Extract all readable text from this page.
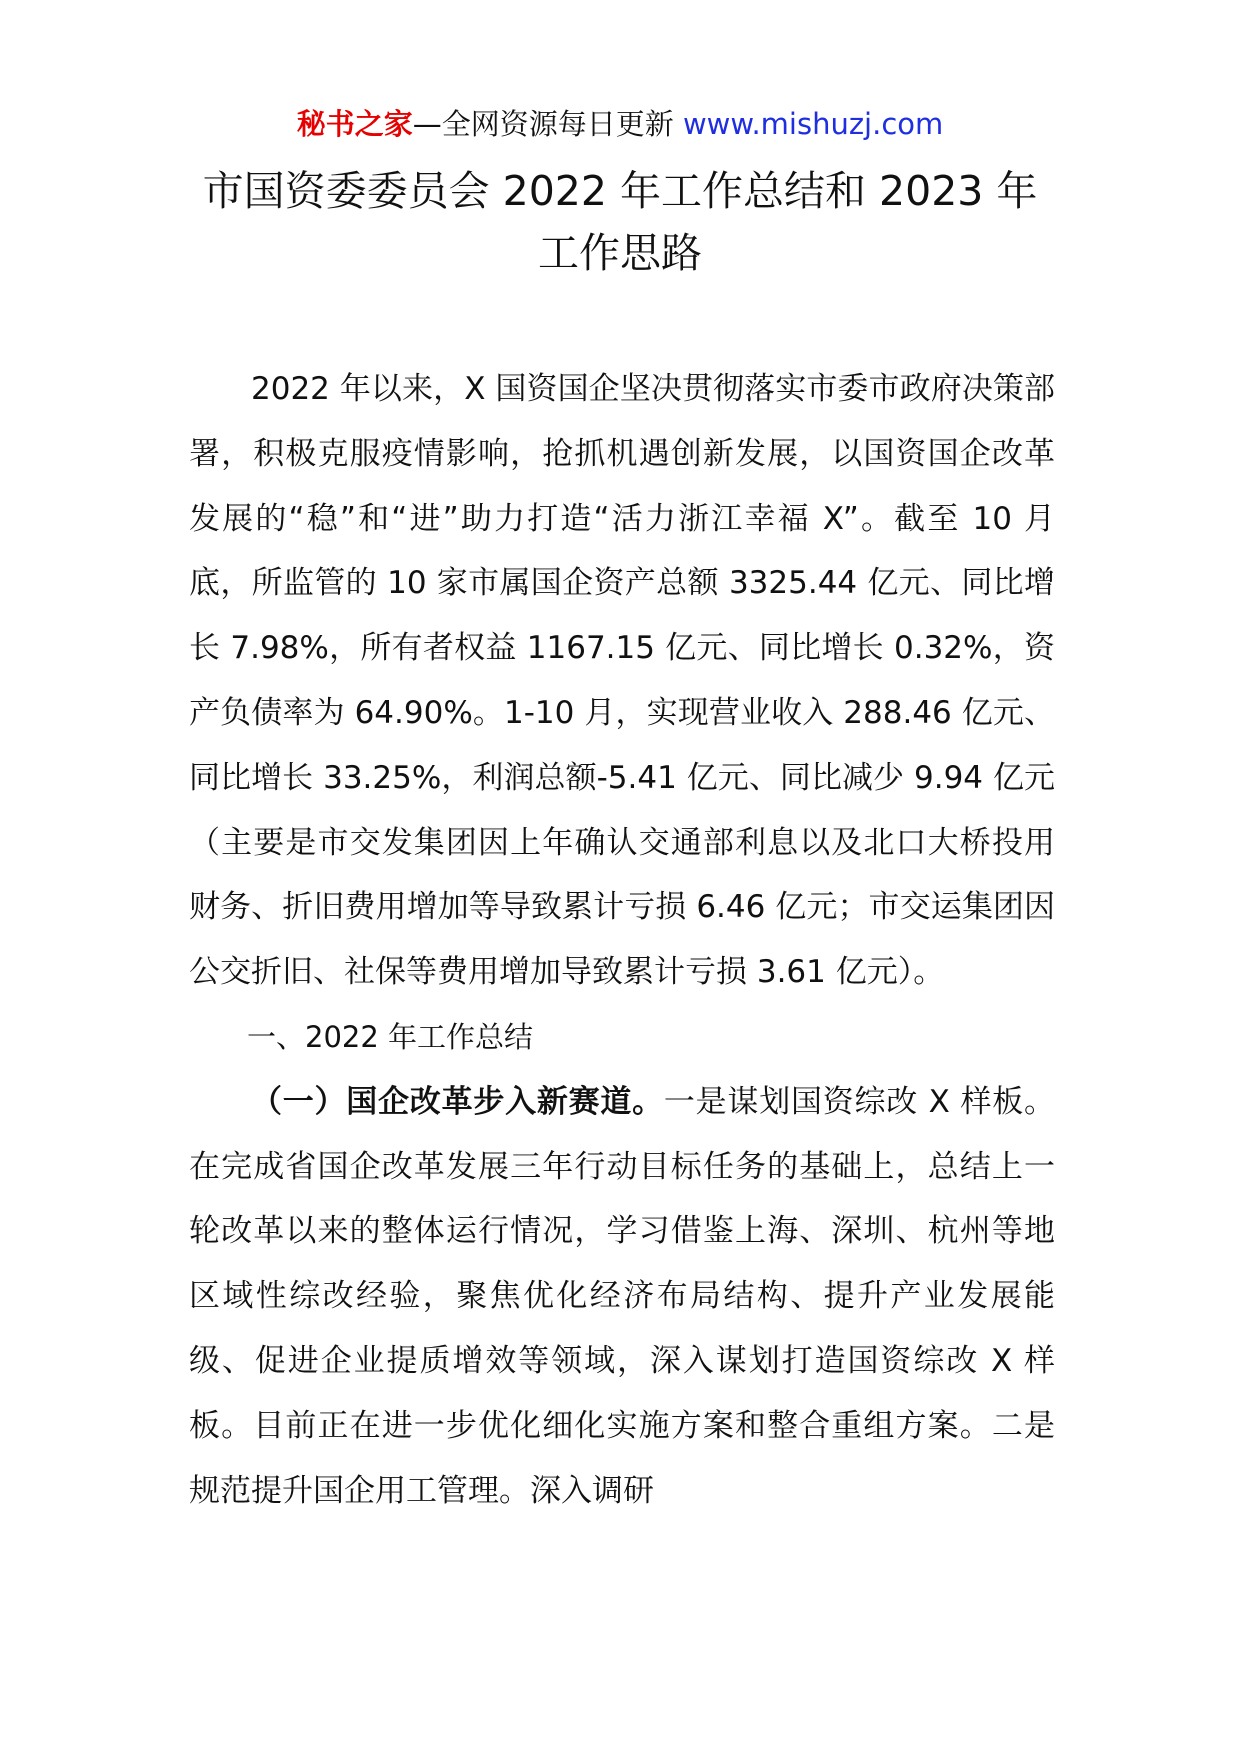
秘书之家—全网资源每日更新 www.mishuzj.com
市国资委委员会 2022 年工作总结和 2023 年
工作思路

2022 年以来，X 国资国企坚决贯彻落实市委市政府决策部署，积极克服疫情影响，抢抓机遇创新发展，以国资国企改革发展的“稳”和“进”助力打造“活力浙江幸福 X”。截至 10 月底，所监管的 10 家市属国企资产总额 3325.44 亿元、同比增长 7.98%，所有者权益 1167.15 亿元、同比增长 0.32%，资产负债率为 64.90%。1-10 月，实现营业收入 288.46 亿元、同比增长 33.25%，利润总额-5.41 亿元、同比减少 9.94 亿元（主要是市交发集团因上年确认交通部利息以及北口大桥投用财务、折旧费用增加等导致累计亏损 6.46 亿元；市交运集团因公交折旧、社保等费用增加导致累计亏损 3.61 亿元）。

一、2022 年工作总结

（一）国企改革步入新赛道。一是谋划国资综改 X 样板。在完成省国企改革发展三年行动目标任务的基础上，总结上一轮改革以来的整体运行情况，学习借鉴上海、深圳、杭州等地区域性综改经验，聚焦优化经济布局结构、提升产业发展能级、促进企业提质增效等领域，深入谋划打造国资综改 X 样板。目前正在进一步优化细化实施方案和整合重组方案。二是规范提升国企用工管理。深入调研
